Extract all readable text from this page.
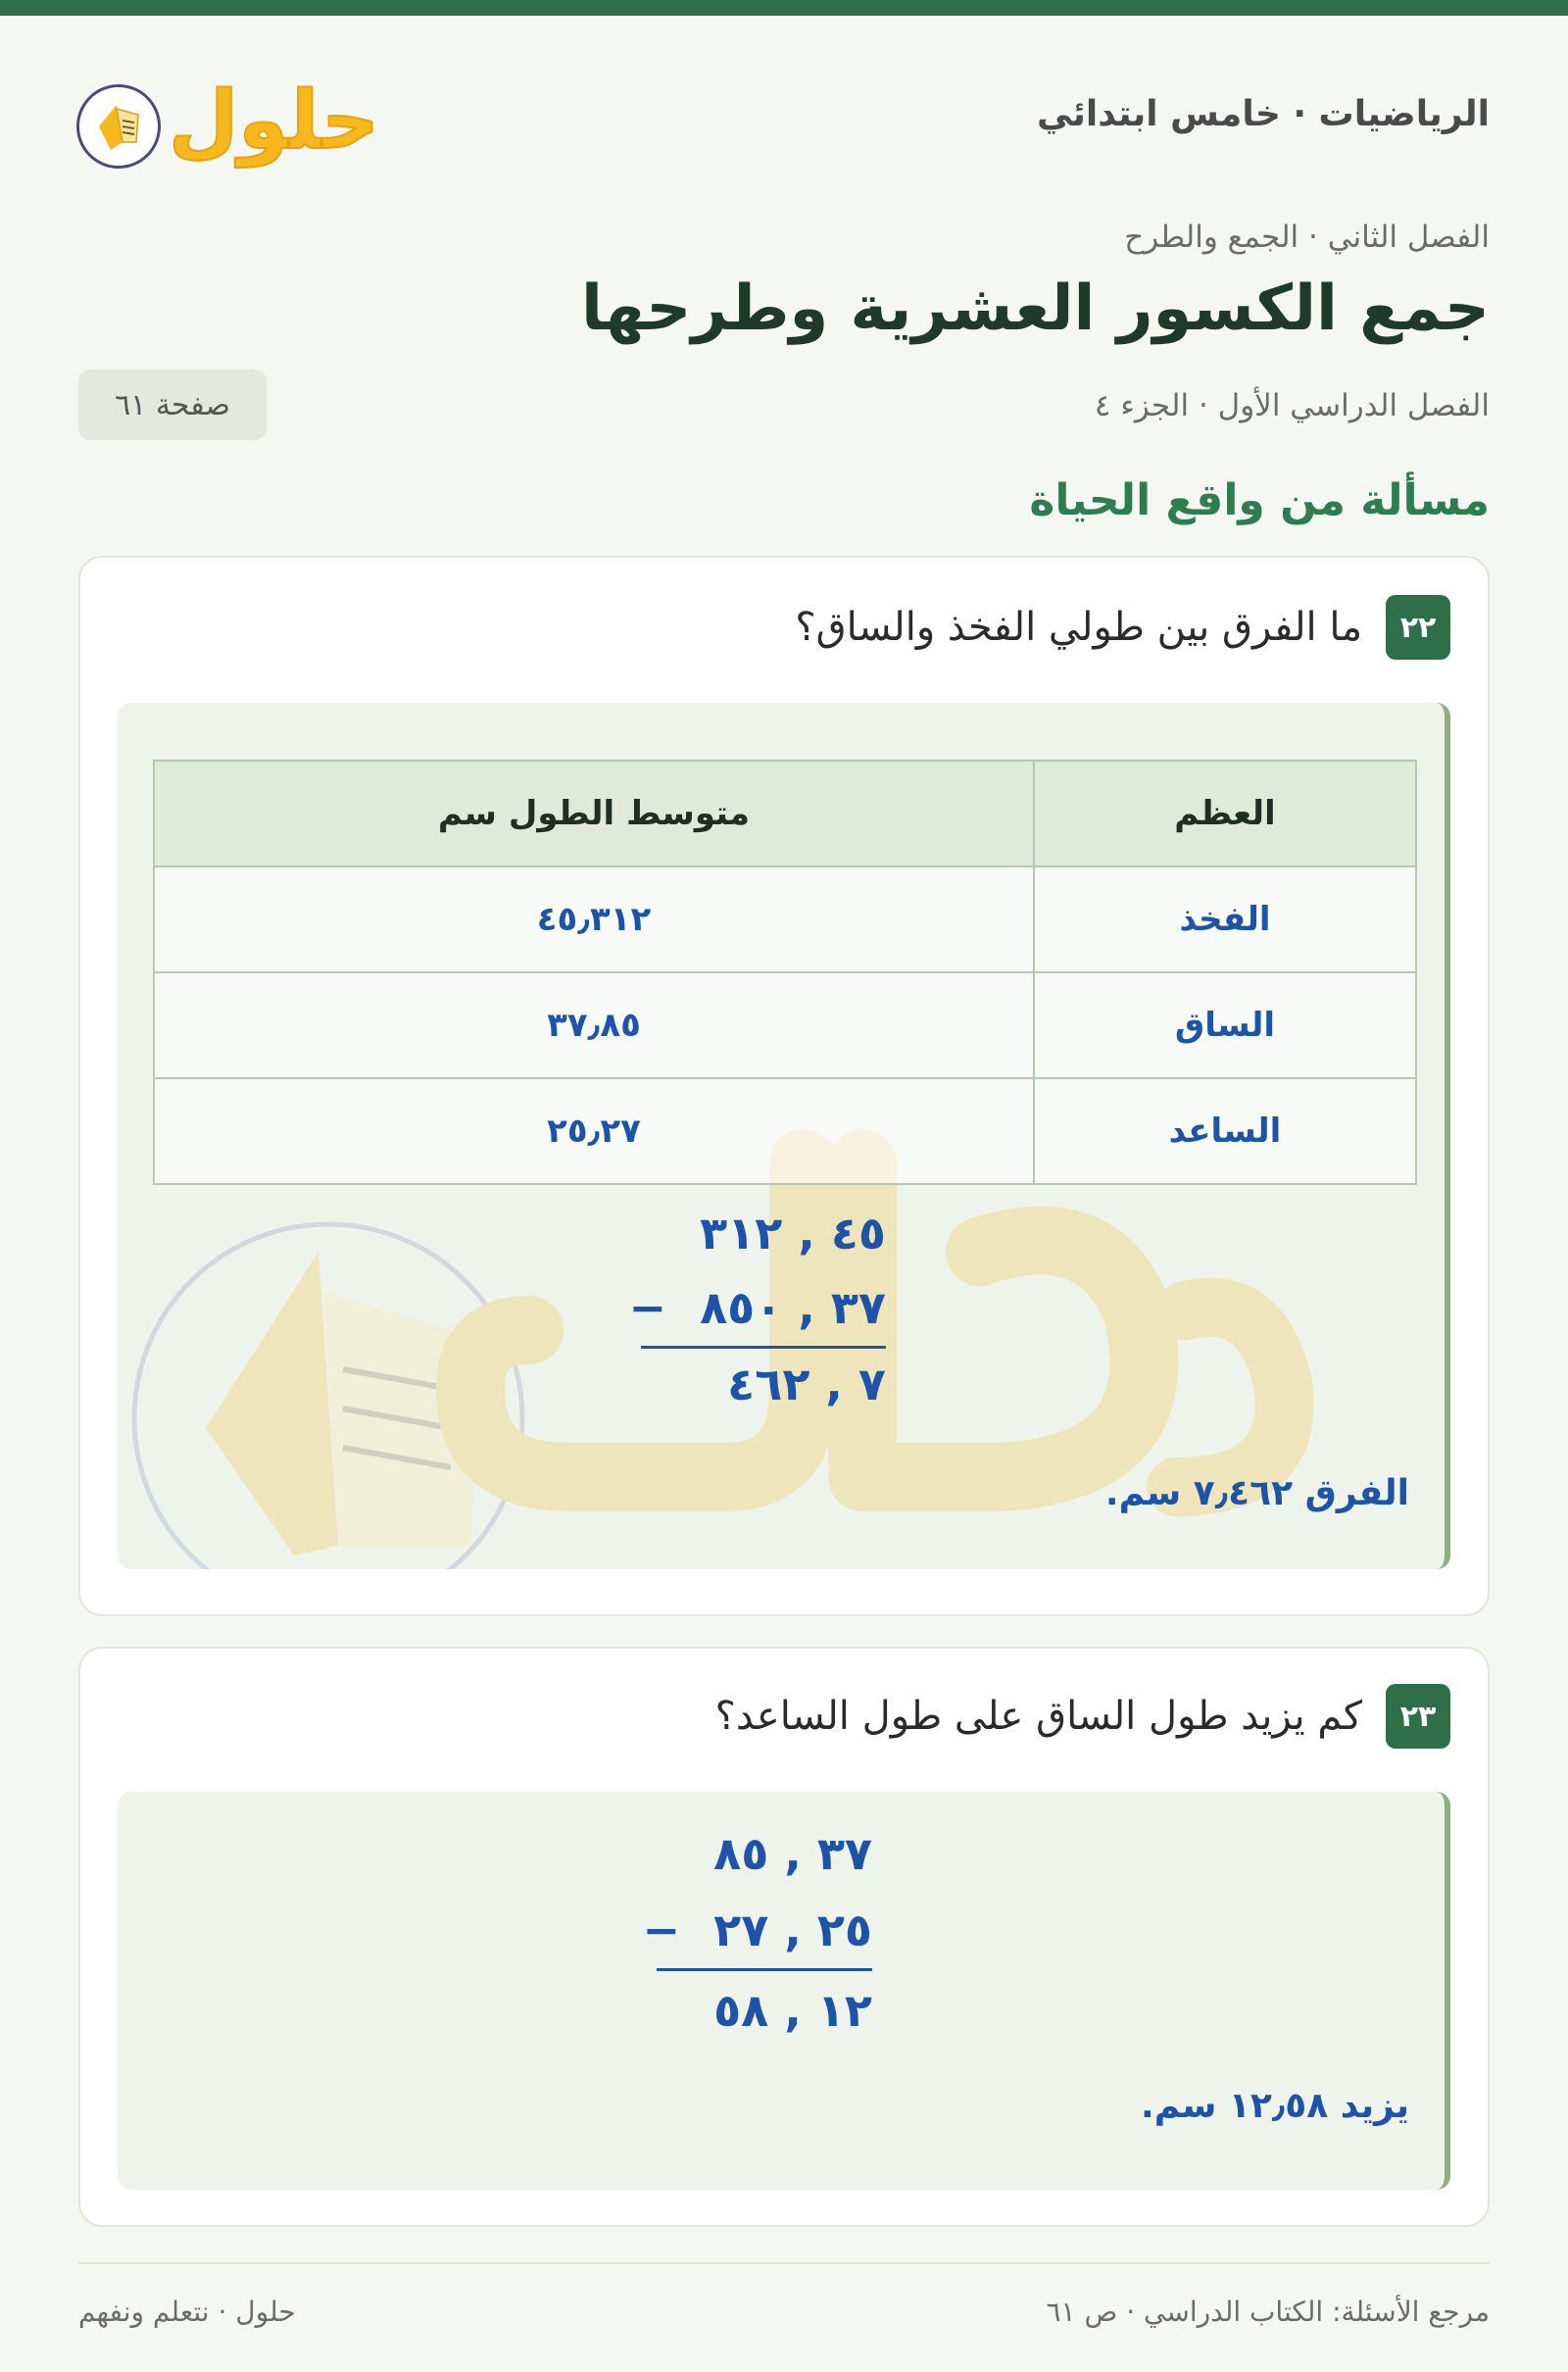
حلول	الرياضيات · خامس ابتدائي
الفصل الثاني · الجمع والطرح
جمع الكسور العشرية وطرحها
الفصل الدراسي الأول · الجزء ٤
صفحة ٦١
مسألة من واقع الحياة
٢٢
ما الفرق بين طولي الفخذ والساق؟
العظم	متوسط الطول سم
الفخذ	٤٥٫٣١٢
الساق	٣٧٫٨٥
الساعد	٢٥٫٢٧
٤٥ , ٣١٢
٣٧ , ٨٥٠
−
٧ , ٤٦٢
الفرق ٧٫٤٦٢ سم.
٢٣
كم يزيد طول الساق على طول الساعد؟
٣٧ , ٨٥
٢٥ , ٢٧
−
١٢ , ٥٨
يزيد ١٢٫٥٨ سم.
مرجع الأسئلة: الكتاب الدراسي · ص ٦١
حلول · نتعلم ونفهم
